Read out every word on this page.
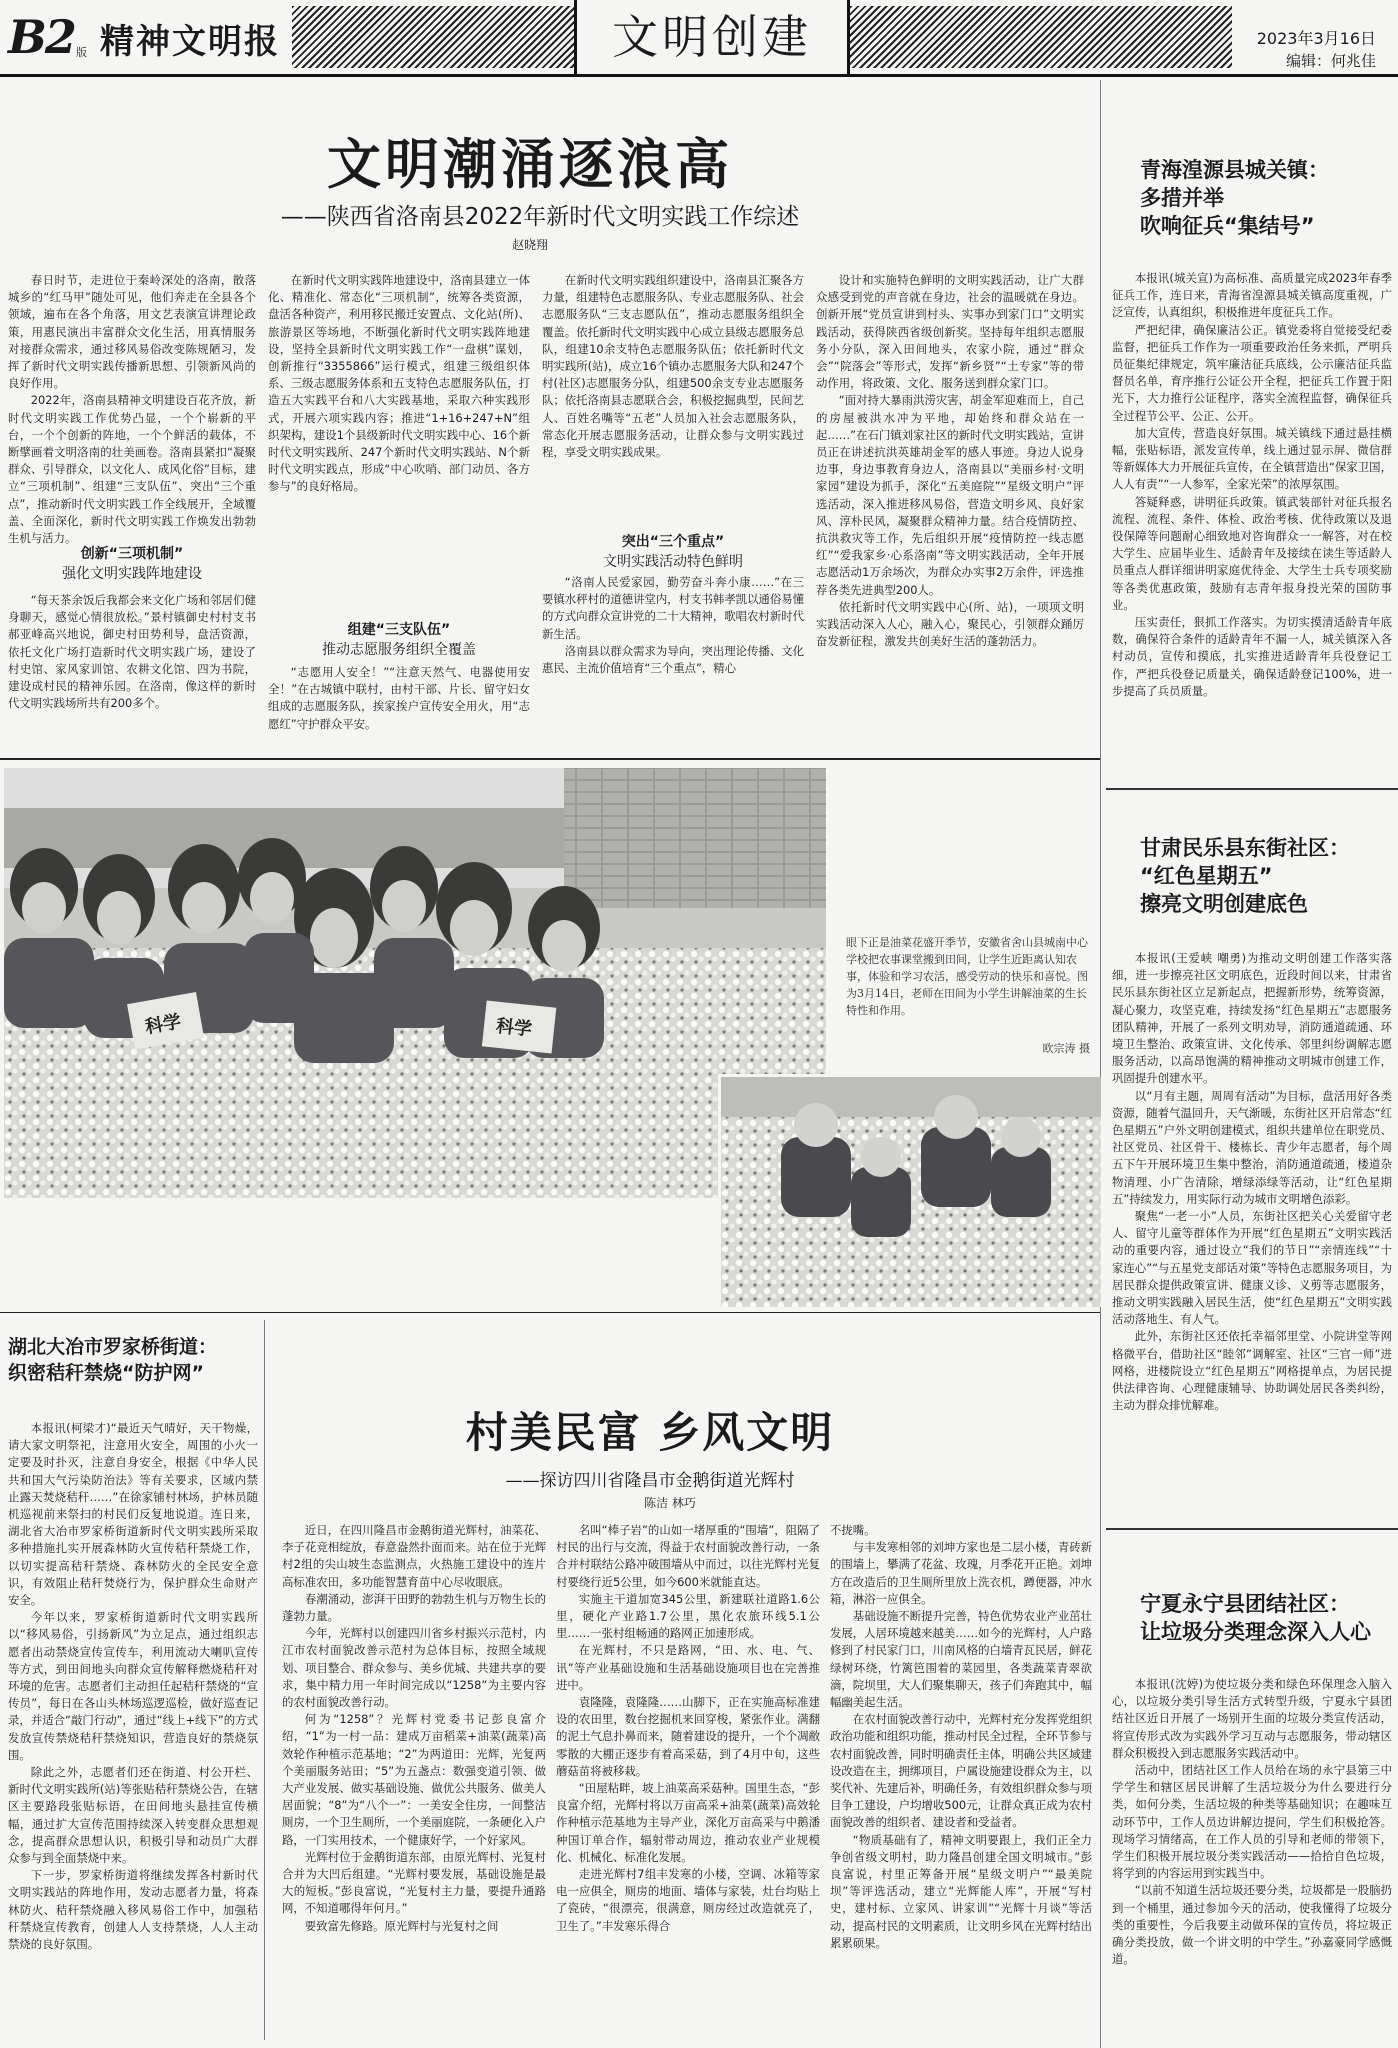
B2 版 精神文明报	文明创建	2023年3月16日
编辑：何兆佳
文明潮涌逐浪高
——陕西省洛南县2022年新时代文明实践工作综述
赵晓翔

春日时节，走进位于秦岭深处的洛南，散落城乡的“红马甲”随处可见，他们奔走在全县各个领域，遍布在各个角落，用文艺表演宣讲理论政策，用惠民演出丰富群众文化生活，用真情服务对接群众需求，通过移风易俗改变陈规陋习，发挥了新时代文明实践传播新思想、引领新风尚的良好作用。

2022年，洛南县精神文明建设百花齐放，新时代文明实践工作优势凸显，一个个崭新的平台，一个个创新的阵地，一个个鲜活的载体，不断擘画着文明洛南的壮美画卷。洛南县紧扣“凝聚群众、引导群众，以文化人、成风化俗”目标，建立“三项机制”、组建“三支队伍”、突出“三个重点”，推动新时代文明实践工作全线展开，全域覆盖、全面深化，新时代文明实践工作焕发出勃勃生机与活力。

创新“三项机制”
强化文明实践阵地建设

“每天茶余饭后我都会来文化广场和邻居们健身聊天，感觉心情很放松。”景村镇御史村村支书郝亚峰高兴地说，御史村田势利导，盘活资源，依托文化广场打造新时代文明实践广场，建设了村史馆、家风家训馆、农耕文化馆、四为书院，建设成村民的精神乐园。在洛南，像这样的新时代文明实践场所共有200多个。

在新时代文明实践阵地建设中，洛南县建立一体化、精准化、常态化“三项机制”，统筹各类资源，盘活各种资产，利用移民搬迁安置点、文化站(所)、旅游景区等场地，不断强化新时代文明实践阵地建设，坚持全县新时代文明实践工作“一盘棋”谋划，创新推行“3355866”运行模式，组建三级组织体系、三级志愿服务体系和五支特色志愿服务队伍，打造五大实践平台和八大实践基地，采取六种实践形式，开展六项实践内容；推进“1+16+247+N”组织架构，建设1个县级新时代文明实践中心、16个新时代文明实践所、247个新时代文明实践站、N个新时代文明实践点，形成“中心吹哨、部门动员、各方参与”的良好格局。

组建“三支队伍”
推动志愿服务组织全覆盖

“志愿用人安全！”“注意天然气、电器使用安全！”在古城镇中联村，由村干部、片长、留守妇女组成的志愿服务队，挨家挨户宣传安全用火，用“志愿红”守护群众平安。

在新时代文明实践组织建设中，洛南县汇聚各方力量，组建特色志愿服务队、专业志愿服务队、社会志愿服务队“三支志愿队伍”，推动志愿服务组织全覆盖。依托新时代文明实践中心成立县级志愿服务总队，组建10余支特色志愿服务队伍；依托新时代文明实践所(站)，成立16个镇办志愿服务大队和247个村(社区)志愿服务分队，组建500余支专业志愿服务队；依托洛南县志愿联合会，积极挖掘典型，民间艺人、百姓名嘴等“五老”人员加入社会志愿服务队，常态化开展志愿服务活动，让群众参与文明实践过程，享受文明实践成果。

突出“三个重点”
文明实践活动特色鲜明

“洛南人民爱家园，勤劳奋斗奔小康……”在三要镇水秤村的道德讲堂内，村支书韩孝凯以通俗易懂的方式向群众宣讲党的二十大精神，歌唱农村新时代新生活。

洛南县以群众需求为导向，突出理论传播、文化惠民、主流价值培育“三个重点”，精心

设计和实施特色鲜明的文明实践活动，让广大群众感受到党的声音就在身边，社会的温暖就在身边。创新开展“党员宣讲到村头、实事办到家门口”文明实践活动，获得陕西省级创新奖。坚持每年组织志愿服务小分队，深入田间地头，农家小院，通过“群众会”“院落会”等形式，发挥“新乡贤”“土专家”等的带动作用，将政策、文化、服务送到群众家门口。

“面对持大暴雨洪涝灾害，胡金军迎难而上，自己的房屋被洪水冲为平地，却始终和群众站在一起……”在石门镇刘家社区的新时代文明实践站，宣讲员正在讲述抗洪英雄胡金军的感人事迹。身边人说身边事，身边事教育身边人，洛南县以“美丽乡村·文明家园”建设为抓手，深化“五美庭院”“星级文明户”评选活动，深入推进移风易俗，营造文明乡风、良好家风、淳朴民风，凝聚群众精神力量。结合疫情防控、抗洪救灾等工作，先后组织开展“疫情防控一线志愿红”“爱我家乡·心系洛南”等文明实践活动，全年开展志愿活动1万余场次，为群众办实事2万余件，评选推荐各类先进典型200人。

依托新时代文明实践中心(所、站)，一项项文明实践活动深入人心，融入心，聚民心，引领群众踊厉奋发新征程，激发共创美好生活的蓬勃活力。

青海湟源县城关镇：
多措并举
吹响征兵“集结号”

本报讯(城关宣)为高标准、高质量完成2023年春季征兵工作，连日来，青海省湟源县城关镇高度重视，广泛宣传，认真组织，积极推进年度征兵工作。

严把纪律，确保廉洁公正。镇党委将自觉接受纪委监督，把征兵工作作为一项重要政治任务来抓，严明兵员征集纪律规定，筑牢廉洁征兵底线，公示廉洁征兵监督员名单，育序推行公证公开全程，把征兵工作置于阳光下，大力推行公证程序，落实全流程监督，确保征兵全过程节公平、公正、公开。

加大宣传，营造良好氛围。城关镇线下通过悬挂横幅，张贴标语，派发宣传单，线上通过显示屏、微信群等新媒体大力开展征兵宣传，在全镇营造出“保家卫国，人人有责”“一人参军，全家光荣”的浓厚氛围。

答疑释惑，讲明征兵政策。镇武装部针对征兵报名流程、流程、条件、体检、政治考核、优待政策以及退役保障等问题耐心细致地对咨询群众一一解答，对在校大学生、应届毕业生、适龄青年及接续在读生等适龄人员重点人群详细讲明家庭优待金、大学生士兵专项奖励等各类优惠政策，鼓励有志青年报身投光荣的国防事业。

压实责任，狠抓工作落实。为切实摸清适龄青年底数，确保符合条件的适龄青年不漏一人，城关镇深入各村动员，宣传和摸底，扎实推进适龄青年兵役登记工作，严把兵役登记质量关，确保适龄登记100%，进一步提高了兵员质量。

甘肃民乐县东街社区：
“红色星期五”
擦亮文明创建底色

本报讯(王爱峡 嘲勇)为推动文明创建工作落实落细，进一步擦亮社区文明底色，近段时间以来，甘肃省民乐县东街社区立足新起点，把握新形势，统筹资源，凝心聚力，攻坚克难，持续发扬“红色星期五”志愿服务团队精神，开展了一系列文明劝导，消防通道疏通、环境卫生整治、政策宣讲、文化传承、邻里纠纷调解志愿服务活动，以高昂饱满的精神推动文明城市创建工作，巩固提升创建水平。

以“月有主题，周周有活动”为目标，盘活用好各类资源，随着气温回升，天气渐暖，东街社区开启常态“红色星期五”户外文明创建模式，组织共建单位在职党员、社区党员、社区骨干、楼栋长、青少年志愿者，每个周五下午开展环境卫生集中整治，消防通道疏通，楼道杂物清理、小广告清除，增绿添绿等活动，让“红色星期五”持续发力，用实际行动为城市文明增色添彩。

聚焦“一老一小”人员，东街社区把关心关爱留守老人、留守儿童等群体作为开展“红色星期五”文明实践活动的重要内容，通过设立“我们的节日”“亲情连线”“十家连心”“与五星党支部话对策”等特色志愿服务项目，为居民群众提供政策宣讲、健康义诊、义剪等志愿服务，推动文明实践融入居民生活，使“红色星期五”文明实践活动落地生、有人气。

此外，东街社区还依托幸福邻里堂、小院讲堂等网格微平台，借助社区“睦邻”调解室、社区“三官一师”进网格，进楼院设立“红色星期五”网格提单点，为居民提供法律咨询、心理健康辅导、协助调处居民各类纠纷，主动为群众排忧解难。

宁夏永宁县团结社区：
让垃圾分类理念深入人心

本报讯(沈婷)为使垃圾分类和绿色环保理念入脑入心，以垃圾分类引导生活方式转型升级，宁夏永宁县团结社区近日开展了一场别开生面的垃圾分类宣传活动，将宣传形式改为实践外学习互动与志愿服务，带动辖区群众积极投入到志愿服务实践活动中。

活动中，团结社区工作人员给在场的永宁县第三中学学生和辖区居民讲解了生活垃圾分为什么要进行分类，如何分类，生活垃圾的种类等基础知识；在趣味互动环节中，工作人员边讲解边提问，学生们积极抢答。现场学习情绪高，在工作人员的引导和老师的带领下，学生们积极开展垃圾分类实践活动——拾拾自色垃圾，将学到的内容运用到实践当中。

“以前不知道生活垃圾还要分类，垃圾都是一股脑扔到一个桶里，通过参加今天的活动，使我懂得了垃圾分类的重要性，今后我要主动做环保的宣传员，将垃圾正确分类投放，做一个讲文明的中学生。”孙嘉豪同学感慨道。

科学	科学
眼下正是油菜花盛开季节，安徽省舍山县城南中心学校把农事课堂搬到田间，让学生近距离认知农事，体验和学习农活，感受劳动的快乐和喜悦。图为3月14日，老师在田间为小学生讲解油菜的生长特性和作用。
欧宗涛 摄
湖北大冶市罗家桥街道：
织密秸秆禁烧“防护网”

本报讯(柯梁才)“最近天气晴好，天干物燥，请大家文明祭祀，注意用火安全，周围的小火一定要及时扑灭，注意自身安全，根据《中华人民共和国大气污染防治法》等有关要求，区域内禁止露天焚烧秸秆……”在徐家铺村林场，护林员随机巡视前来祭扫的村民们反复地说道。连日来，湖北省大冶市罗家桥街道新时代文明实践所采取多种措施扎实开展森林防火宣传秸秆禁烧工作，以切实提高秸秆禁烧、森林防火的全民安全意识，有效阻止秸秆焚烧行为，保护群众生命财产安全。

今年以来，罗家桥街道新时代文明实践所以“移风易俗，引扬新风”为立足点，通过组织志愿者出动禁烧宣传宣传车，利用流动大喇叭宣传等方式，到田间地头向群众宣传解释燃烧秸秆对环境的危害。志愿者们主动担任起秸秆禁烧的“宣传员”，每日在各山头林场巡逻巡检，做好巡查记录，并适合“敲门行动”，通过“线上+线下”的方式发放宣传禁烧秸秆禁烧知识，营造良好的禁烧氛围。

除此之外，志愿者们还在街道、村公开栏、新时代文明实践所(站)等张贴秸秆禁烧公告，在辖区主要路段张贴标语，在田间地头悬挂宣传横幅，通过扩大宣传范围持续深入转变群众思想观念，提高群众思想认识，积极引导和动员广大群众参与到全面禁烧中来。

下一步，罗家桥街道将继续发挥各村新时代文明实践站的阵地作用，发动志愿者力量，将森林防火、秸秆禁烧融入移风易俗工作中，加强秸秆禁烧宣传教育，创建人人支持禁烧，人人主动禁烧的良好氛围。

村美民富 乡风文明
——探访四川省隆昌市金鹅街道光辉村
陈洁 林巧

近日，在四川隆昌市金鹅街道光辉村，油菜花、李子花竞相绽放，春意盎然扑面而来。站在位于光辉村2组的尖山坡生态监测点，火热施工建设中的连片高标准农田，多功能智慧育苗中心尽收眼底。

春潮涌动，澎湃干田野的勃勃生机与万物生长的蓬勃力量。

今年，光辉村以创建四川省乡村振兴示范村，内江市农村面貌改善示范村为总体目标，按照全域规划、项目整合、群众参与、美乡优城、共建共享的要求，集中精力用一年时间完成以“1258”为主要内容的农村面貌改善行动。

何为“1258”？光辉村党委书记彭良富介绍，“1”为一村一品：建成万亩稻菜+油菜(蔬菜)高效轮作种植示范基地；“2”为两道田：光辉，光复两个美丽服务站田；“5”为五盏点：数强变道引领、做大产业发展、做实基础设施、做优公共服务、做美人居面貌；“8”为“八个一”：一美安全住房，一间整洁厕房，一个卫生厕所，一个美丽庭院，一条硬化入户路，一门实用技术，一个健康好学，一个好家风。

光辉村位于金鹅街道东部，由原光辉村、光复村合并为大凹后组建。“光辉村要发展，基础设施是最大的短板。”彭良富说，“光复村主力量，要提升通路网，不知道哪得年何月。”

要致富先修路。原光辉村与光复村之间

名叫“棒子岩”的山如一堵厚重的“围墙”，阻隔了村民的出行与交流，得益于农村面貌改善行动，一条合并村联结公路冲破围墙从中而过，以往光辉村光复村要绕行近5公里，如今600米就能直达。

实施主干道加宽345公里，新建联社道路1.6公里，硬化产业路1.7公里，黑化农旅环线5.1公里……一张村组畅通的路网正加速形成。

在光辉村，不只是路网，“田、水、电、气、讯”等产业基础设施和生活基础设施项目也在完善推进中。

袁隆隆，袁隆隆……山脚下，正在实施高标准建设的农田里，数台挖掘机来回穿梭，紧张作业。满翻的泥土气息扑鼻而来，随着建设的提升，一个个凋敝零散的大棚正逐步有着高采菇，到了4月中旬，这些蘑菇苗将被移栽。

“田屋粘畔，坡上油菜高采菇种。国里生态，“彭良富介绍，光辉村将以万亩高采+油菜(蔬菜)高效轮作种植示范基地为主导产业，深化万亩高采与中鹅潘种国订单合作，辐射带动周边，推动农业产业规模化、机械化、标准化发展。

走进光辉村7组丰发寒的小楼，空调、冰箱等家电一应俱全，厕房的地面、墙体与家装，灶台均贴上了瓷砖，“很漂亮，很满意，厕房经过改造就亮了，卫生了。”丰发寒乐得合

不拢嘴。

与丰发寒相邻的刘坤方家也是二层小楼，青砖新的围墙上，攀满了花盆、玫瑰，月季花开正艳。刘坤方在改造后的卫生厕所里放上洗衣机，蹲便器，冲水箱，淋浴一应俱全。

基础设施不断提升完善，特色优势农业产业茁壮发展，人居环境越来越美……如今的光辉村，人户路修到了村民家门口，川南风格的白墙青瓦民居，鲜花绿树环绕，竹篱笆围着的菜园里，各类蔬菜青翠欲滴，院坝里，大人们聚集聊天，孩子们奔跑其中，幅幅幽美起生活。

在农村面貌改善行动中，光辉村充分发挥党组织政治功能和组织功能，推动村民全过程，全环节参与农村面貌改善，同时明确责任主体，明确公共区域建设改造在主，拥绑项目，户属设施建设群众为主，以奖代补、先建后补，明确任务，有效组织群众参与项目争工建设，户均增收500元，让群众真正成为农村面貌改善的组织者、建设者和受益者。

“物质基础有了，精神文明要跟上，我们正全力争创省级文明村，助力隆昌创建全国文明城市。”彭良富说，村里正筹备开展“星级文明户”“最美院坝”等评选活动，建立“光辉能人库”，开展“写村史，建村标、立家风、讲家训”“光辉十月谈”等活动，提高村民的文明素质，让文明乡风在光辉村结出累累硕果。
